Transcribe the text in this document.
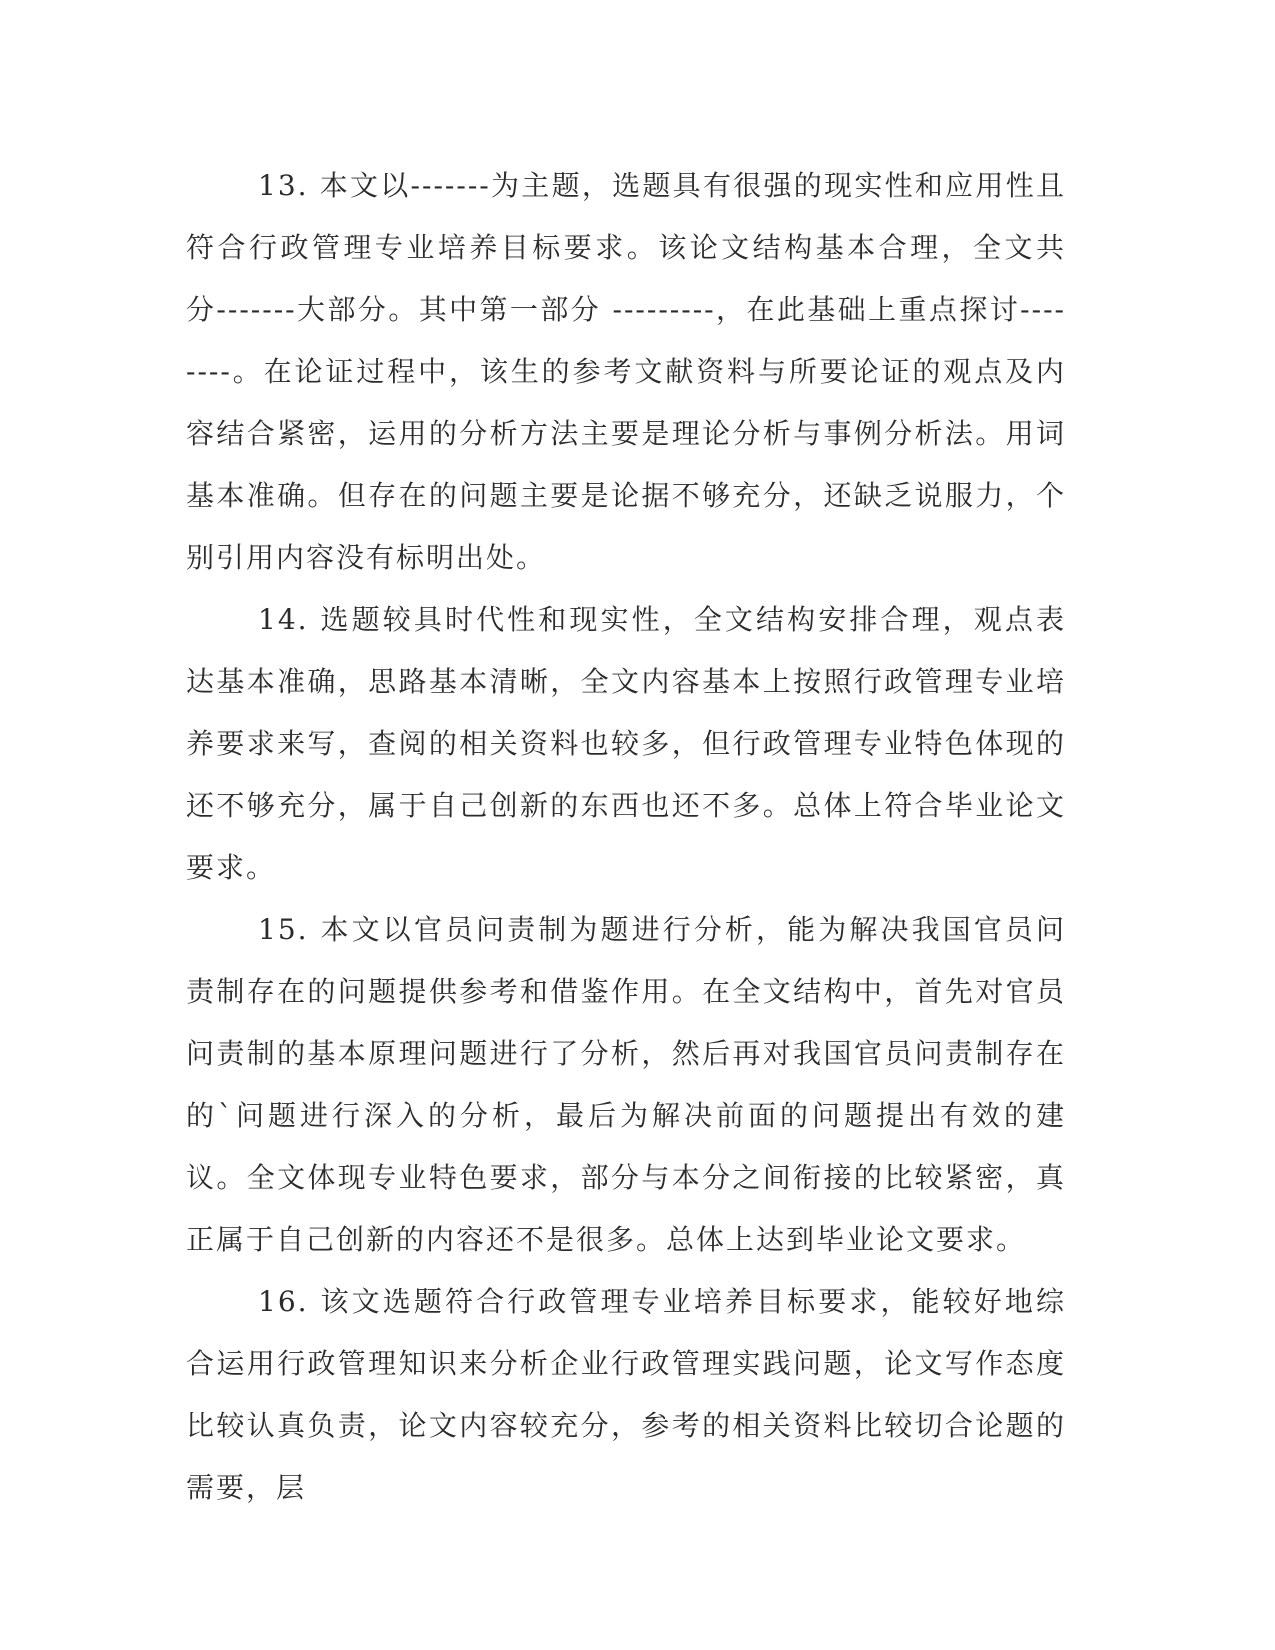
13. 本文以-------为主题，选题具有很强的现实性和应用性且符合行政管理专业培养目标要求。该论文结构基本合理，全文共分-------大部分。其中第一部分 ---------，在此基础上重点探讨--------。在论证过程中，该生的参考文献资料与所要论证的观点及内容结合紧密，运用的分析方法主要是理论分析与事例分析法。用词基本准确。但存在的问题主要是论据不够充分，还缺乏说服力，个别引用内容没有标明出处。

14. 选题较具时代性和现实性，全文结构安排合理，观点表达基本准确，思路基本清晰，全文内容基本上按照行政管理专业培养要求来写，查阅的相关资料也较多，但行政管理专业特色体现的还不够充分，属于自己创新的东西也还不多。总体上符合毕业论文要求。

15. 本文以官员问责制为题进行分析，能为解决我国官员问责制存在的问题提供参考和借鉴作用。在全文结构中，首先对官员问责制的基本原理问题进行了分析，然后再对我国官员问责制存在的`问题进行深入的分析，最后为解决前面的问题提出有效的建议。全文体现专业特色要求，部分与本分之间衔接的比较紧密，真正属于自己创新的内容还不是很多。总体上达到毕业论文要求。

16. 该文选题符合行政管理专业培养目标要求，能较好地综合运用行政管理知识来分析企业行政管理实践问题，论文写作态度比较认真负责，论文内容较充分，参考的相关资料比较切合论题的需要，层
